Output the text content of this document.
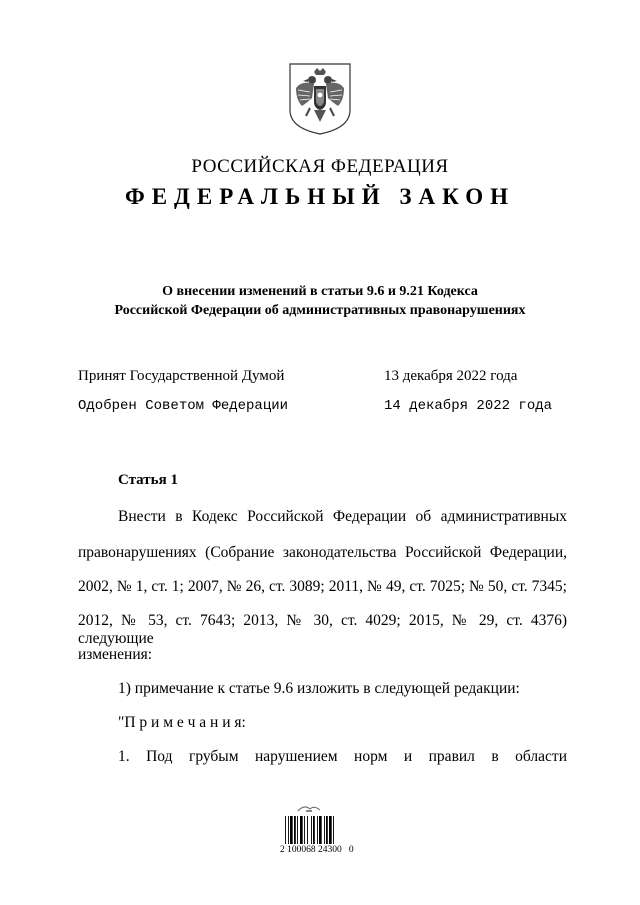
РОССИЙСКАЯ ФЕДЕРАЦИЯ
ФЕДЕРАЛЬНЫЙ ЗАКОН
О внесении изменений в статьи 9.6 и 9.21 Кодекса
Российской Федерации об административных правонарушениях
Принят Государственной Думой	13 декабря 2022 года
Одобрен Советом Федерации	14 декабря 2022 года
Статья 1
Внести в Кодекс Российской Федерации об административных
правонарушениях (Собрание законодательства Российской Федерации,
2002, № 1, ст. 1; 2007, № 26, ст. 3089; 2011, № 49, ст. 7025; № 50, ст. 7345;
2012, № 53, ст. 7643; 2013, № 30, ст. 4029; 2015, № 29, ст. 4376) следующие
изменения:
1) примечание к статье 9.6 изложить в следующей редакции:
"П р и м е ч а н и я:
1. Под грубым нарушением норм и правил в области
2 100068 24300   0
